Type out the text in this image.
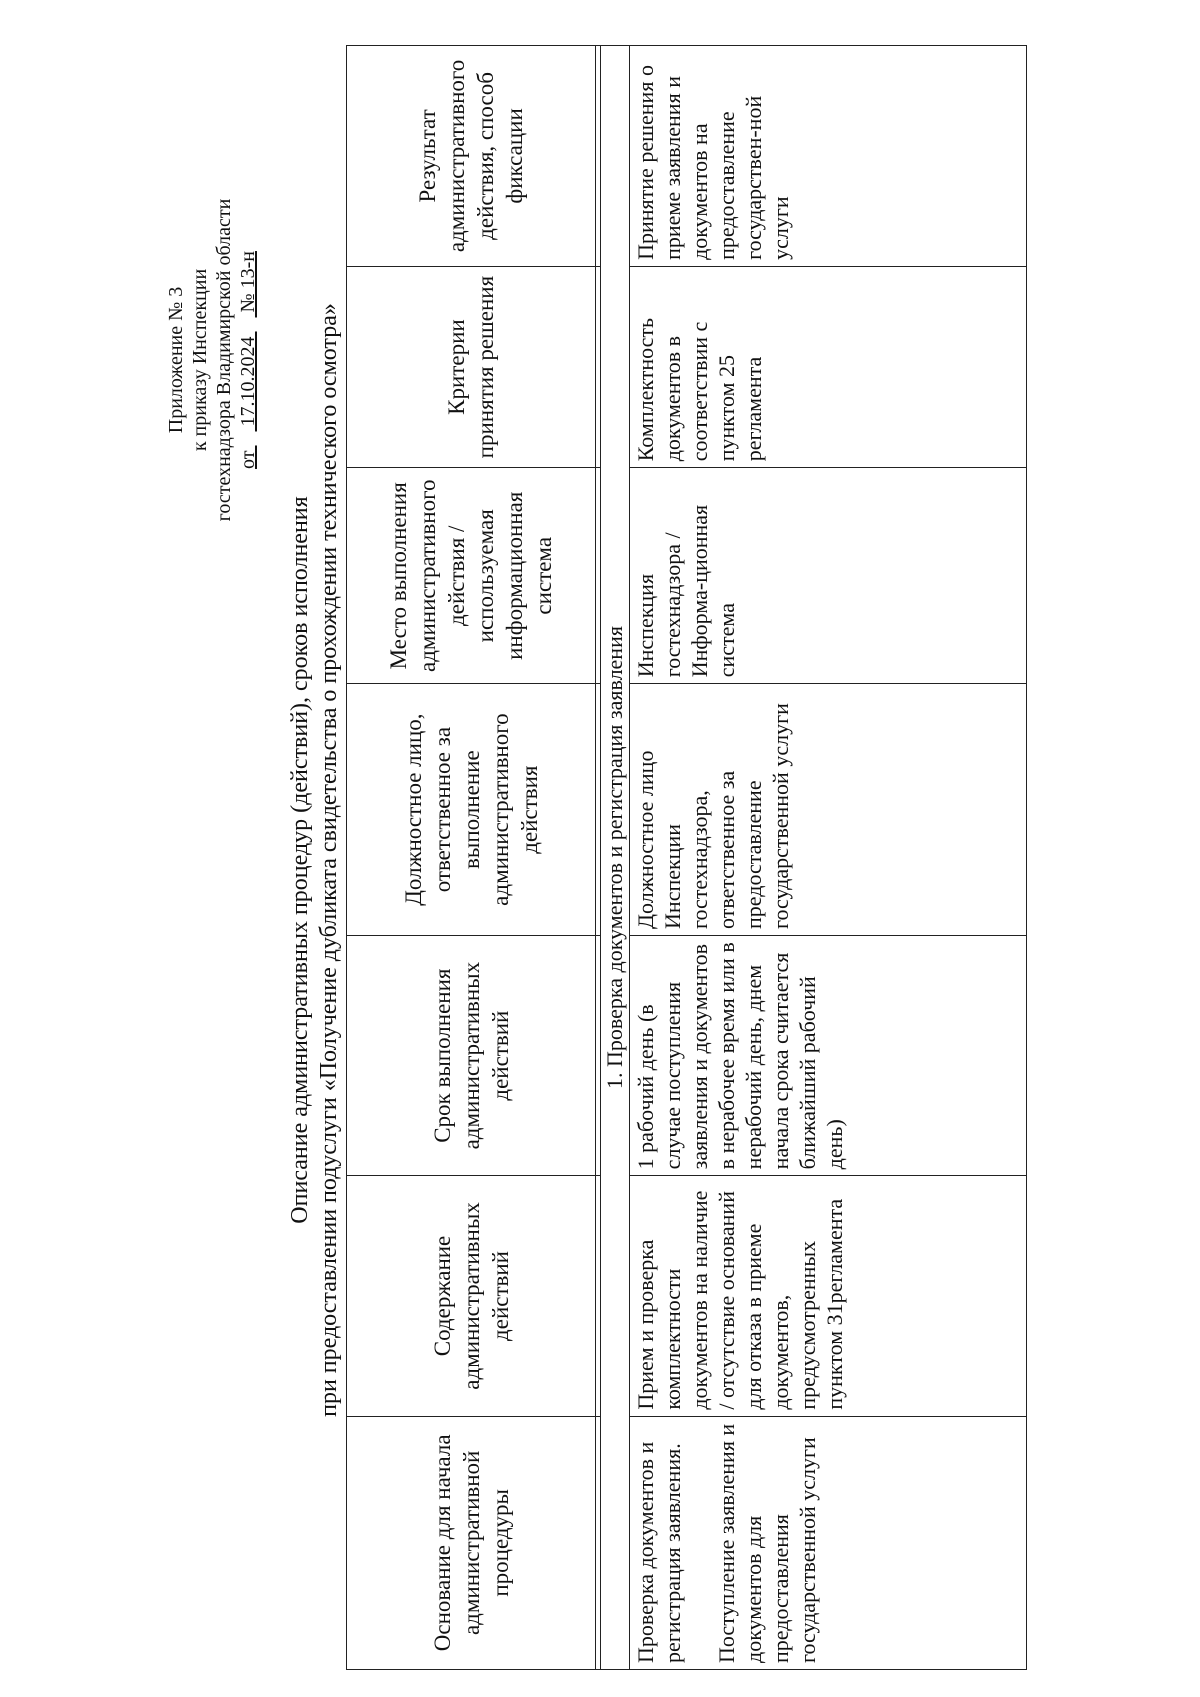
Приложение № 3 к приказу Инспекции гостехнадзора Владимирской области от  17.10.2024  № 13-н
Описание административных процедур (действий), сроков исполнения при предоставлении подуслуги «Получение дубликата свидетельства о прохождении технического осмотра»
Основание для начала административной процедуры	Содержание административных действий	Срок выполнения административных действий	Должностное лицо, ответственное за выполнение административного действия	Место выполнения административного действия / используемая информационная система	Критерии принятия решения	Результат административного действия, способ фиксации

1. Проверка документов и регистрация заявления						

Проверка документов и регистрация заявления. Поступление заявления и документов для предоставления государственной услуги	Прием и проверка комплектности документов на наличие / отсутствие оснований для отказа в приеме документов, предусмотренных пунктом 31регламента	1 рабочий день (в случае поступления заявления и документов в нерабочее время или в нерабочий день, днем начала срока считается ближайший рабочий день)	Должностное лицо Инспекции гостехнадзора, ответственное за предоставление государственной услуги	Инспекция гостехнадзора / Информа-ционная система	Комплектность документов в соответствии с пунктом 25 регламента	Принятие решения о приеме заявления и документов на предоставление государствен-ной услуги
